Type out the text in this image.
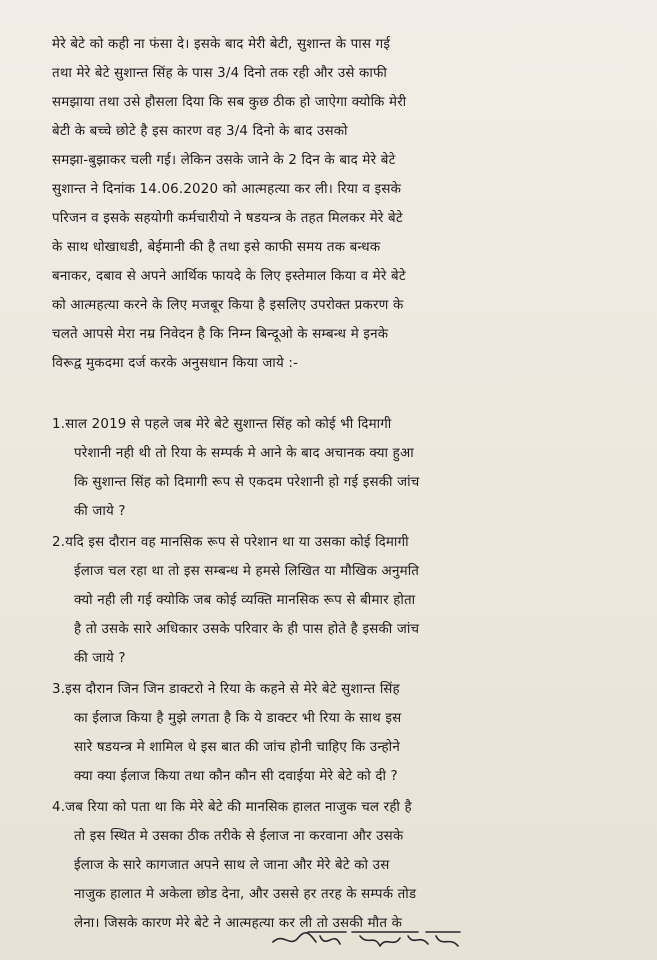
मेरे बेटे को कही ना फंसा दे। इसके बाद मेरी बेटी, सुशान्त के पास गई
तथा मेरे बेटे सुशान्त सिंह के पास 3/4 दिनो तक रही और उसे काफी
समझाया तथा उसे हौसला दिया कि सब कुछ ठीक हो जाऐगा क्योकि मेरी
बेटी के बच्चे छोटे है इस कारण वह 3/4 दिनो के बाद उसको
समझा-बुझाकर चली गई। लेकिन उसके जाने के 2 दिन के बाद मेरे बेटे
सुशान्त ने दिनांक 14.06.2020 को आत्महत्या कर ली। रिया व इसके
परिजन व इसके सहयोगी कर्मचारीयो ने षडयन्त्र के तहत मिलकर मेरे बेटे
के साथ धोखाधडी, बेईमानी की है तथा इसे काफी समय तक बन्धक
बनाकर, दबाव से अपने आर्थिक फायदे के लिए इस्तेमाल किया व मेरे बेटे
को आत्महत्या करने के लिए मजबूर किया है इसलिए उपरोक्त प्रकरण के
चलते आपसे मेरा नम्र निवेदन है कि निम्न बिन्दूओ के सम्बन्ध मे इनके
विरूद्व मुकदमा दर्ज करके अनुसधान किया जाये :-
1.साल 2019 से पहले जब मेरे बेटे सुशान्त सिंह को कोई भी दिमागी
परेशानी नही थी तो रिया के सम्पर्क मे आने के बाद अचानक क्या हुआ
कि सुशान्त सिंह को दिमागी रूप से एकदम परेशानी हो गई इसकी जांच
की जाये ?
2.यदि इस दौरान वह मानसिक रूप से परेशान था या उसका कोई दिमागी
ईलाज चल रहा था तो इस सम्बन्ध मे हमसे लिखित या मौखिक अनुमति
क्यो नही ली गई क्योकि जब कोई व्यक्ति मानसिक रूप से बीमार होता
है तो उसके सारे अधिकार उसके परिवार के ही पास होते है इसकी जांच
की जाये ?
3.इस दौरान जिन जिन डाक्टरो ने रिया के कहने से मेरे बेटे सुशान्त सिंह
का ईलाज किया है मुझे लगता है कि ये डाक्टर भी रिया के साथ इस
सारे षडयन्त्र मे शामिल थे इस बात की जांच होनी चाहिए कि उन्होने
क्या क्या ईलाज किया तथा कौन कौन सी दवाईया मेरे बेटे को दी ?
4.जब रिया को पता था कि मेरे बेटे की मानसिक हालत नाजुक चल रही है
तो इस स्थित मे उसका ठीक तरीके से ईलाज ना करवाना और उसके
ईलाज के सारे कागजात अपने साथ ले जाना और मेरे बेटे को उस
नाजुक हालात मे अकेला छोड देना, और उससे हर तरह के सम्पर्क तोड
लेना। जिसके कारण मेरे बेटे ने आत्महत्या कर ली तो उसकी मौत के
